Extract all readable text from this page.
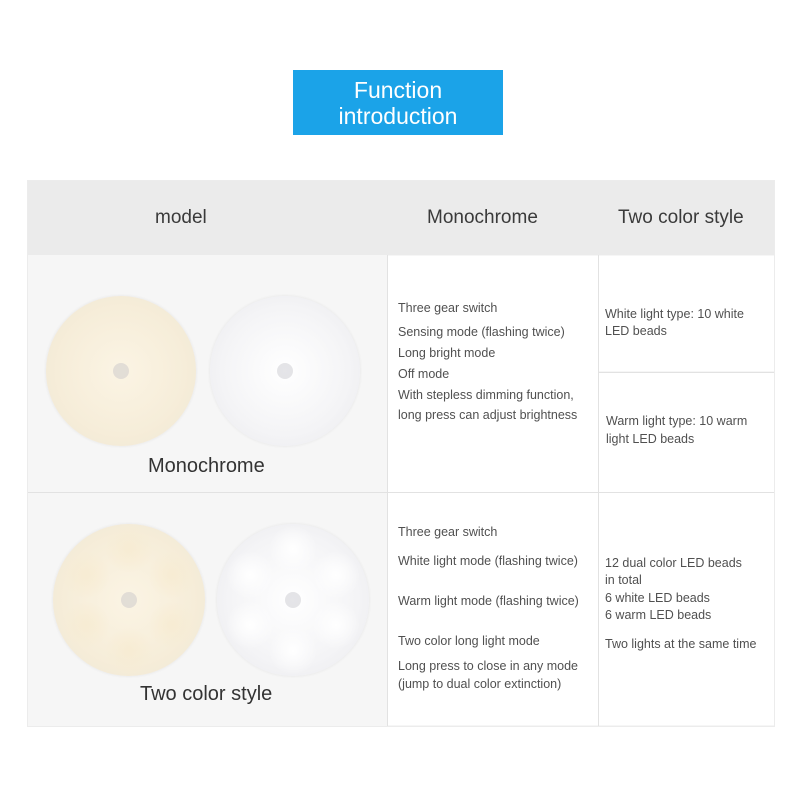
Function
introduction
model	Monochrome	Two color style
Monochrome
Two color style
Three gear switch
Sensing mode (flashing twice)
Long bright mode
Off mode
With stepless dimming function,
long press can adjust brightness
White light type: 10 white
LED beads
Warm light type: 10 warm
light LED beads
Three gear switch
White light mode (flashing twice)
Warm light mode (flashing twice)
Two color long light mode
Long press to close in any mode
(jump to dual color extinction)
12 dual color LED beads
in total
6 white LED beads
6 warm LED beads
Two lights at the same time
